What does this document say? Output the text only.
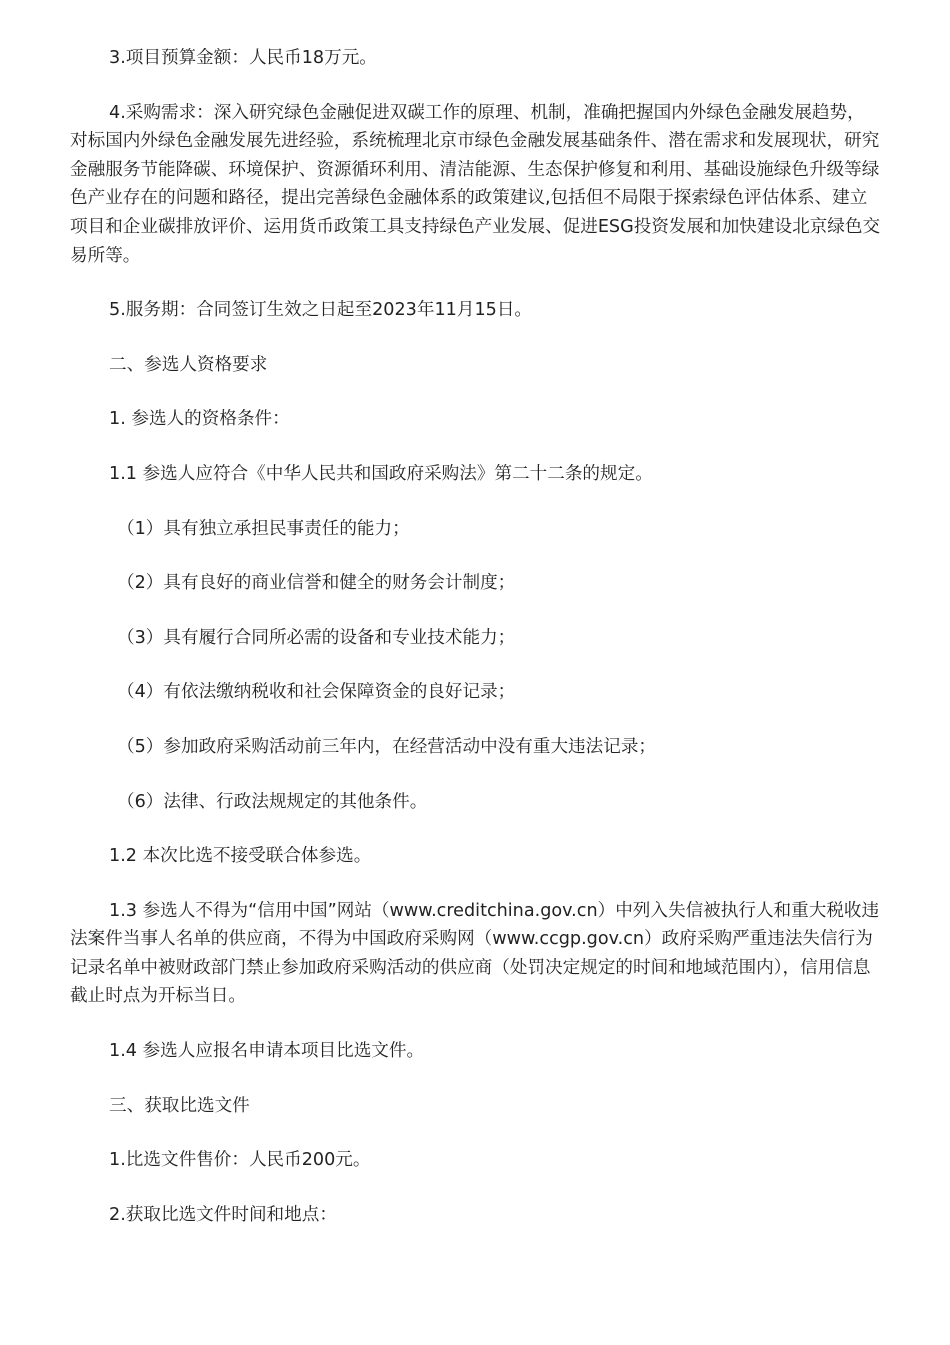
3.项目预算金额：人民币18万元。

4.采购需求：深入研究绿色金融促进双碳工作的原理、机制，准确把握国内外绿色金融发展趋势，对标国内外绿色金融发展先进经验，系统梳理北京市绿色金融发展基础条件、潜在需求和发展现状，研究金融服务节能降碳、环境保护、资源循环利用、清洁能源、生态保护修复和利用、基础设施绿色升级等绿色产业存在的问题和路径，提出完善绿色金融体系的政策建议,包括但不局限于探索绿色评估体系、建立项目和企业碳排放评价、运用货币政策工具支持绿色产业发展、促进ESG投资发展和加快建设北京绿色交易所等。

5.服务期：合同签订生效之日起至2023年11月15日。

二、参选人资格要求

1. 参选人的资格条件：

1.1 参选人应符合《中华人民共和国政府采购法》第二十二条的规定。

（1）具有独立承担民事责任的能力；

（2）具有良好的商业信誉和健全的财务会计制度；

（3）具有履行合同所必需的设备和专业技术能力；

（4）有依法缴纳税收和社会保障资金的良好记录；

（5）参加政府采购活动前三年内，在经营活动中没有重大违法记录；

（6）法律、行政法规规定的其他条件。

1.2 本次比选不接受联合体参选。

1.3 参选人不得为“信用中国”网站（www.creditchina.gov.cn）中列入失信被执行人和重大税收违法案件当事人名单的供应商，不得为中国政府采购网（www.ccgp.gov.cn）政府采购严重违法失信行为记录名单中被财政部门禁止参加政府采购活动的供应商（处罚决定规定的时间和地域范围内），信用信息截止时点为开标当日。

1.4 参选人应报名申请本项目比选文件。

三、获取比选文件

1.比选文件售价：人民币200元。

2.获取比选文件时间和地点：
